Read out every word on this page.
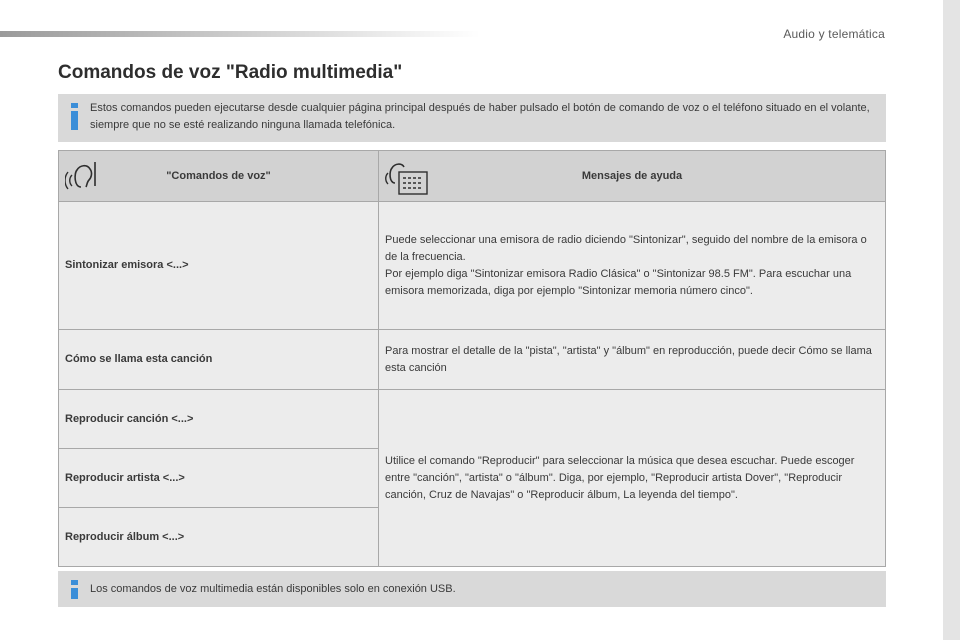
Audio y telemática
Comandos de voz "Radio multimedia"
Estos comandos pueden ejecutarse desde cualquier página principal después de haber pulsado el botón de comando de voz o el teléfono situado en el volante, siempre que no se esté realizando ninguna llamada telefónica.
"Comandos de voz"	Mensajes de ayuda
Sintonizar emisora <...>	Puede seleccionar una emisora de radio diciendo "Sintonizar", seguido del nombre de la emisora o de la frecuencia.
Por ejemplo diga "Sintonizar emisora Radio Clásica" o "Sintonizar 98.5 FM". Para escuchar una emisora memorizada, diga por ejemplo "Sintonizar memoria número cinco".
Cómo se llama esta canción	Para mostrar el detalle de la "pista", "artista" y "álbum" en reproducción, puede decir Cómo se llama esta canción
Reproducir canción <...>	Utilice el comando "Reproducir" para seleccionar la música que desea escuchar. Puede escoger entre "canción", "artista" o "álbum". Diga, por ejemplo, "Reproducir artista Dover", "Reproducir canción, Cruz de Navajas" o "Reproducir álbum, La leyenda del tiempo".
Reproducir artista <...>	
Reproducir álbum <...>	
Los comandos de voz multimedia están disponibles solo en conexión USB.
